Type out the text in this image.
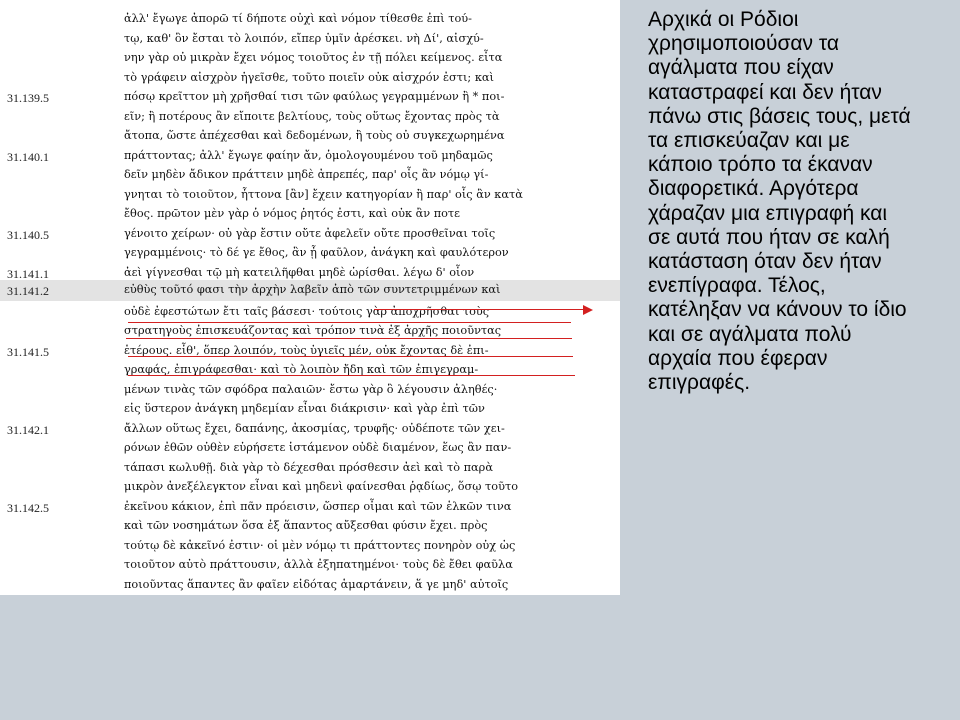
ἀλλ' ἔγωγε ἀπορῶ τί δήποτε οὐχὶ καὶ νόμον τίθεσθε ἐπὶ τού-
τῳ, καθ' ὃν ἔσται τὸ λοιπόν, εἴπερ ὑμῖν ἀρέσκει. νὴ Δί', αἰσχύ-
νην γὰρ οὐ μικρὰν ἔχει νόμος τοιοῦτος ἐν τῇ πόλει κείμενος. εἶτα
τὸ γράφειν αἰσχρὸν ἡγεῖσθε, τοῦτο ποιεῖν οὐκ αἰσχρόν ἐστι; καὶ
31.139.5	πόσῳ κρεῖττον μὴ χρῆσθαί τισι τῶν φαύλως γεγραμμένων ἢ * ποι-
εῖν; ἢ ποτέρους ἂν εἴποιτε βελτίους, τοὺς οὕτως ἔχοντας πρὸς τὰ
ἄτοπα, ὥστε ἀπέχεσθαι καὶ δεδομένων, ἢ τοὺς οὐ συγκεχωρημένα
31.140.1	πράττοντας; ἀλλ' ἔγωγε φαίην ἄν, ὁμολογουμένου τοῦ μηδαμῶς
δεῖν μηδὲν ἄδικον πράττειν μηδὲ ἀπρεπές, παρ' οἷς ἂν νόμῳ γί-
γνηται τὸ τοιοῦτον, ἧττονα [ἂν] ἔχειν κατηγορίαν ἢ παρ' οἷς ἂν κατὰ
ἔθος. πρῶτον μὲν γὰρ ὁ νόμος ῥητός ἐστι, καὶ οὐκ ἂν ποτε
31.140.5	γένοιτο χείρων· οὐ γὰρ ἔστιν οὔτε ἀφελεῖν οὔτε προσθεῖναι τοῖς
γεγραμμένοις· τὸ δέ γε ἔθος, ἂν ᾖ φαῦλον, ἀνάγκη καὶ φαυλότερον
31.141.1	ἀεὶ γίγνεσθαι τῷ μὴ κατειλῆφθαι μηδὲ ὡρίσθαι. λέγω δ' οἷον
31.141.2	εὐθὺς τοῦτό φασι τὴν ἀρχὴν λαβεῖν ἀπὸ τῶν συντετριμμένων καὶ
οὐδὲ ἐφεστώτων ἔτι ταῖς βάσεσι· τούτοις γὰρ ἀποχρῆσθαι τοὺς
στρατηγοὺς ἐπισκευάζοντας καὶ τρόπον τινὰ ἐξ ἀρχῆς ποιοῦντας
31.141.5	ἑτέρους. εἶθ', ὅπερ λοιπόν, τοὺς ὑγιεῖς μέν, οὐκ ἔχοντας δὲ ἐπι-
γραφάς, ἐπιγράφεσθαι· καὶ τὸ λοιπὸν ἤδη καὶ τῶν ἐπιγεγραμ-
μένων τινὰς τῶν σφόδρα παλαιῶν· ἔστω γὰρ ὃ λέγουσιν ἀληθές·
εἰς ὕστερον ἀνάγκη μηδεμίαν εἶναι διάκρισιν· καὶ γὰρ ἐπὶ τῶν
31.142.1	ἄλλων οὕτως ἔχει, δαπάνης, ἀκοσμίας, τρυφῆς· οὐδέποτε τῶν χει-
ρόνων ἐθῶν οὐθὲν εὑρήσετε ἱστάμενον οὐδὲ διαμένον, ἕως ἂν παν-
τάπασι κωλυθῇ. διὰ γὰρ τὸ δέχεσθαι πρόσθεσιν ἀεὶ καὶ τὸ παρὰ
μικρὸν ἀνεξέλεγκτον εἶναι καὶ μηδενὶ φαίνεσθαι ῥᾳδίως, ὅσῳ τοῦτο
31.142.5	ἐκεῖνου κάκιον, ἐπὶ πᾶν πρόεισιν, ὥσπερ οἶμαι καὶ τῶν ἑλκῶν τινα
καὶ τῶν νοσημάτων ὅσα ἐξ ἅπαντος αὔξεσθαι φύσιν ἔχει. πρὸς
τούτῳ δὲ κἀκεῖνό ἐστιν· οἱ μὲν νόμῳ τι πράττοντες πονηρὸν οὐχ ὡς
τοιοῦτον αὐτὸ πράττουσιν, ἀλλὰ ἐξηπατημένοι· τοὺς δὲ ἔθει φαῦλα
ποιοῦντας ἅπαντες ἂν φαῖεν εἰδότας ἁμαρτάνειν, ἅ γε μηδ' αὐτοῖς
Αρχικά οι Ρόδιοι
χρησιμοποιούσαν τα
αγάλματα που είχαν
καταστραφεί και δεν ήταν
πάνω στις βάσεις τους, μετά
τα επισκεύαζαν και με
κάποιο τρόπο τα έκαναν
διαφορετικά. Αργότερα
χάραζαν μια επιγραφή και
σε αυτά που ήταν σε καλή
κατάσταση όταν δεν ήταν
ενεπίγραφα. Τέλος,
κατέληξαν να κάνουν το ίδιο
και σε αγάλματα πολύ
αρχαία που έφεραν
επιγραφές.
